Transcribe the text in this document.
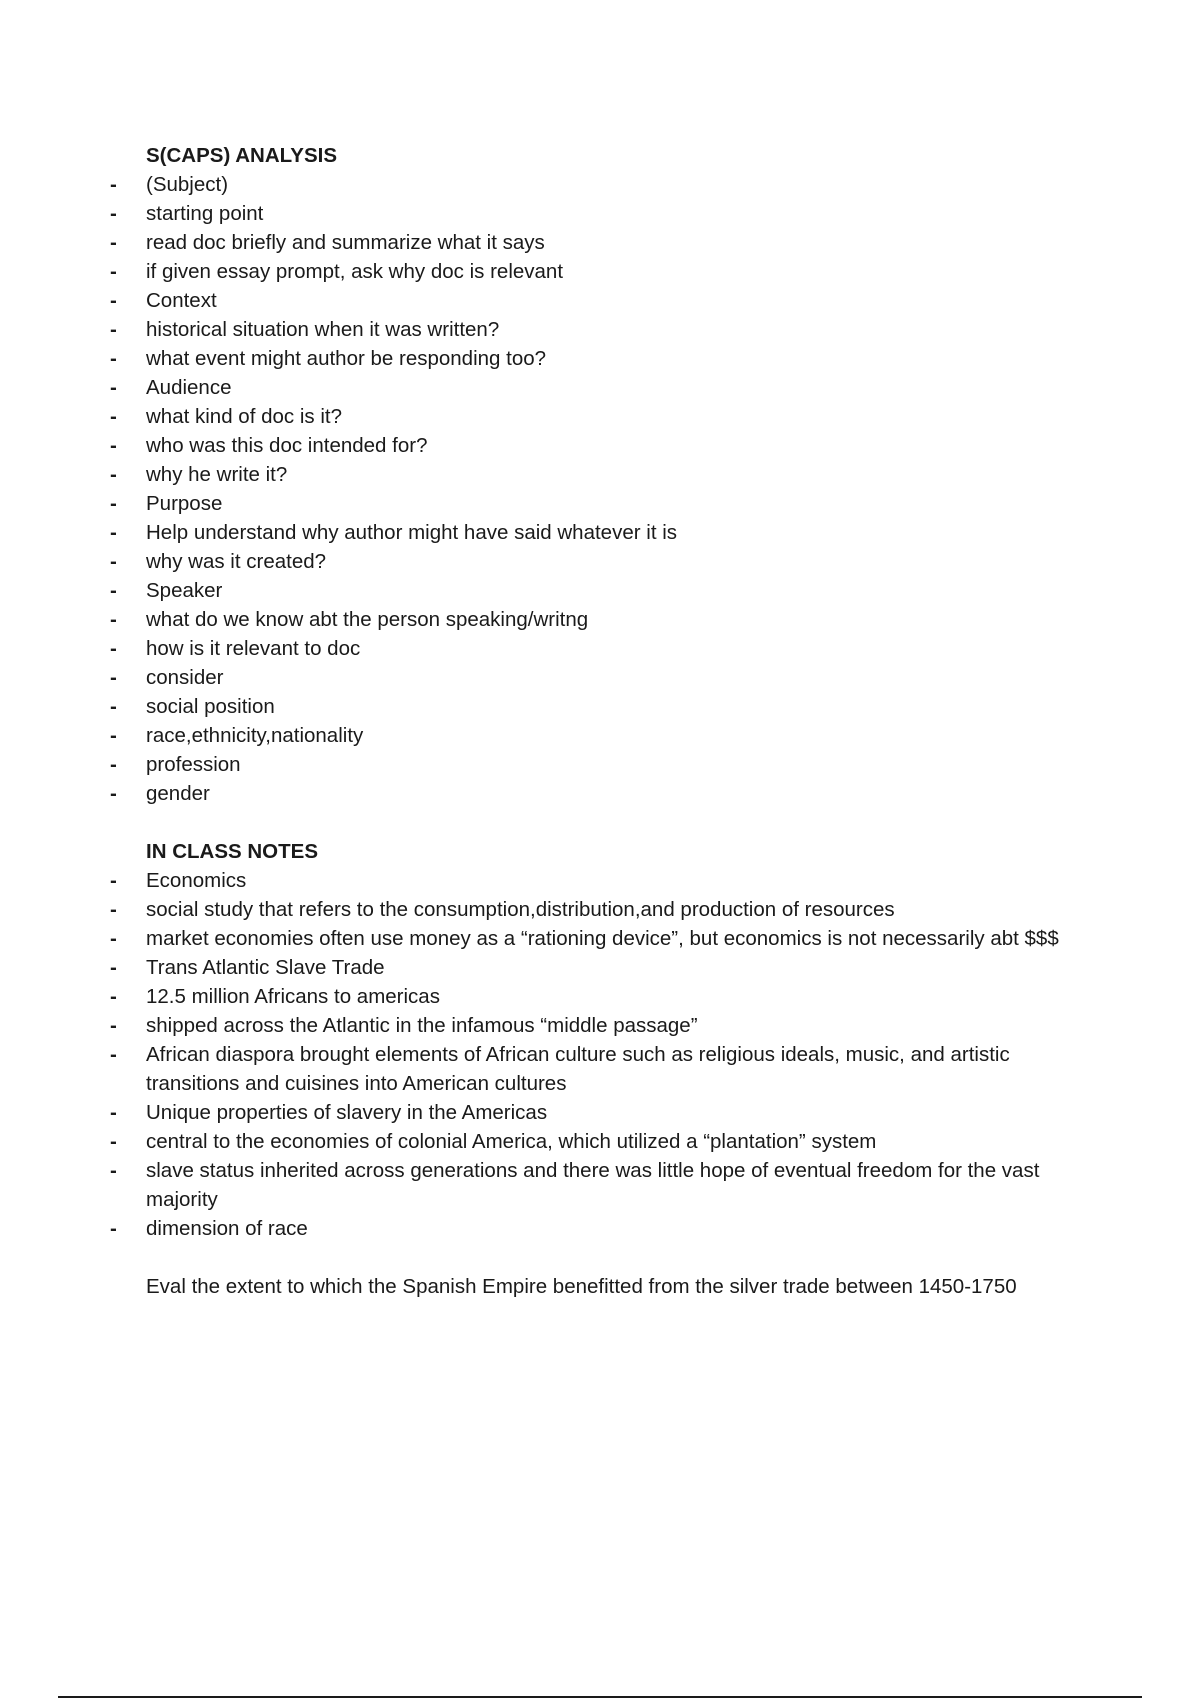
S(CAPS) ANALYSIS

- (Subject)
- starting point
- read doc briefly and summarize what it says
- if given essay prompt, ask why doc is relevant
- Context
- historical situation when it was written?
- what event might author be responding too?
- Audience
- what kind of doc is it?
- who was this doc intended for?
- why he write it?
- Purpose
- Help understand why author might have said whatever it is
- why was it created?
- Speaker
- what do we know abt the person speaking/writng
- how is it relevant to doc
- consider
- social position
- race,ethnicity,nationality
- profession
- gender

IN CLASS NOTES

- Economics
- social study that refers to the consumption,distribution,and production of resources
- market economies often use money as a “rationing device”, but economics is not necessarily abt $$$
- Trans Atlantic Slave Trade
- 12.5 million Africans to americas
- shipped across the Atlantic in the infamous “middle passage”
- African diaspora brought elements of African culture such as religious ideals, music, and artistic transitions and cuisines into American cultures
- Unique properties of slavery in the Americas
- central to the economies of colonial America, which utilized a “plantation” system
- slave status inherited across generations and there was little hope of eventual freedom for the vast majority
- dimension of race

Eval the extent to which the Spanish Empire benefitted from the silver trade between 1450-1750
